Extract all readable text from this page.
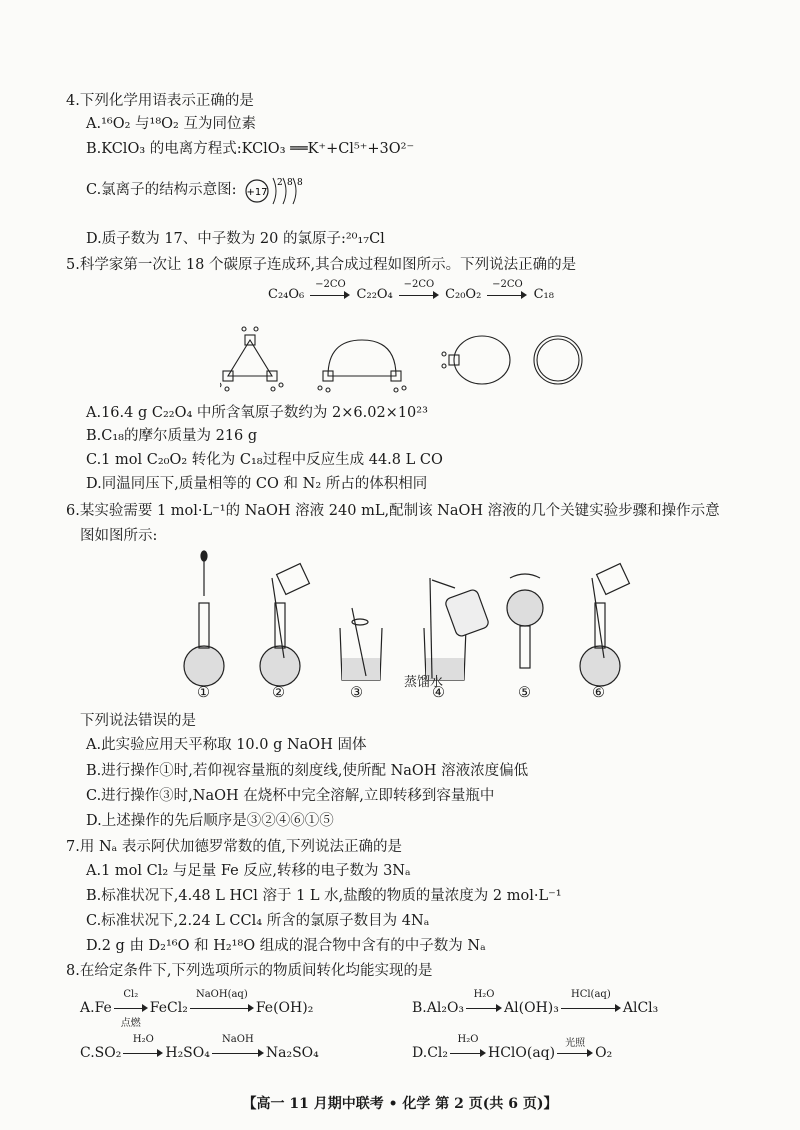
4.下列化学用语表示正确的是
A.¹⁶O₂ 与¹⁸O₂ 互为同位素
B.KClO₃ 的电离方程式:KClO₃ ══K⁺+Cl⁵⁺+3O²⁻
C.氯离子的结构示意图: +17
2 8 8
D.质子数为 17、中子数为 20 的氯原子:²⁰₁₇Cl
5.科学家第一次让 18 个碳原子连成环,其合成过程如图所示。下列说法正确的是
C₂₄O₆
−2CO
C₂₂O₄
−2CO
C₂₀O₂
−2CO
C₁₈
A.16.4 g C₂₂O₄ 中所含氧原子数约为 2×6.02×10²³
B.C₁₈的摩尔质量为 216 g
C.1 mol C₂₀O₂ 转化为 C₁₈过程中反应生成 44.8 L CO
D.同温同压下,质量相等的 CO 和 N₂ 所占的体积相同
6.某实验需要 1 mol·L⁻¹的 NaOH 溶液 240 mL,配制该 NaOH 溶液的几个关键实验步骤和操作示意
图如图所示:
蒸馏水
①	②	③	④	⑤	⑥
下列说法错误的是
A.此实验应用天平称取 10.0 g NaOH 固体
B.进行操作①时,若仰视容量瓶的刻度线,使所配 NaOH 溶液浓度偏低
C.进行操作③时,NaOH 在烧杯中完全溶解,立即转移到容量瓶中
D.上述操作的先后顺序是③②④⑥①⑤
7.用 Nₐ 表示阿伏加德罗常数的值,下列说法正确的是
A.1 mol Cl₂ 与足量 Fe 反应,转移的电子数为 3Nₐ
B.标准状况下,4.48 L HCl 溶于 1 L 水,盐酸的物质的量浓度为 2 mol·L⁻¹
C.标准状况下,2.24 L CCl₄ 所含的氯原子数目为 4Nₐ
D.2 g 由 D₂¹⁶O 和 H₂¹⁸O 组成的混合物中含有的中子数为 Nₐ
8.在给定条件下,下列选项所示的物质间转化均能实现的是
A.Fe
Cl₂
点燃
FeCl₂
NaOH(aq)
Fe(OH)₂	B.Al₂O₃
H₂O
Al(OH)₃
HCl(aq)
AlCl₃
C.SO₂
H₂O
H₂SO₄
NaOH
Na₂SO₄	D.Cl₂
H₂O
HClO(aq)
光照
O₂
【高一 11 月期中联考 • 化学 第 2 页(共 6 页)】
